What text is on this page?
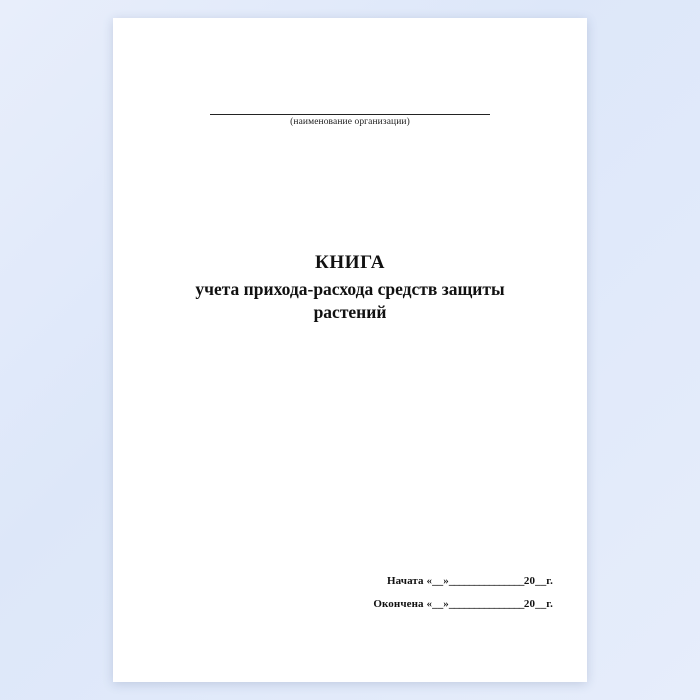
(наименование организации)
КНИГА
учета прихода-расхода средств защиты растений
Начата «__»_______________20__г.
Окончена «__»_______________20__г.
